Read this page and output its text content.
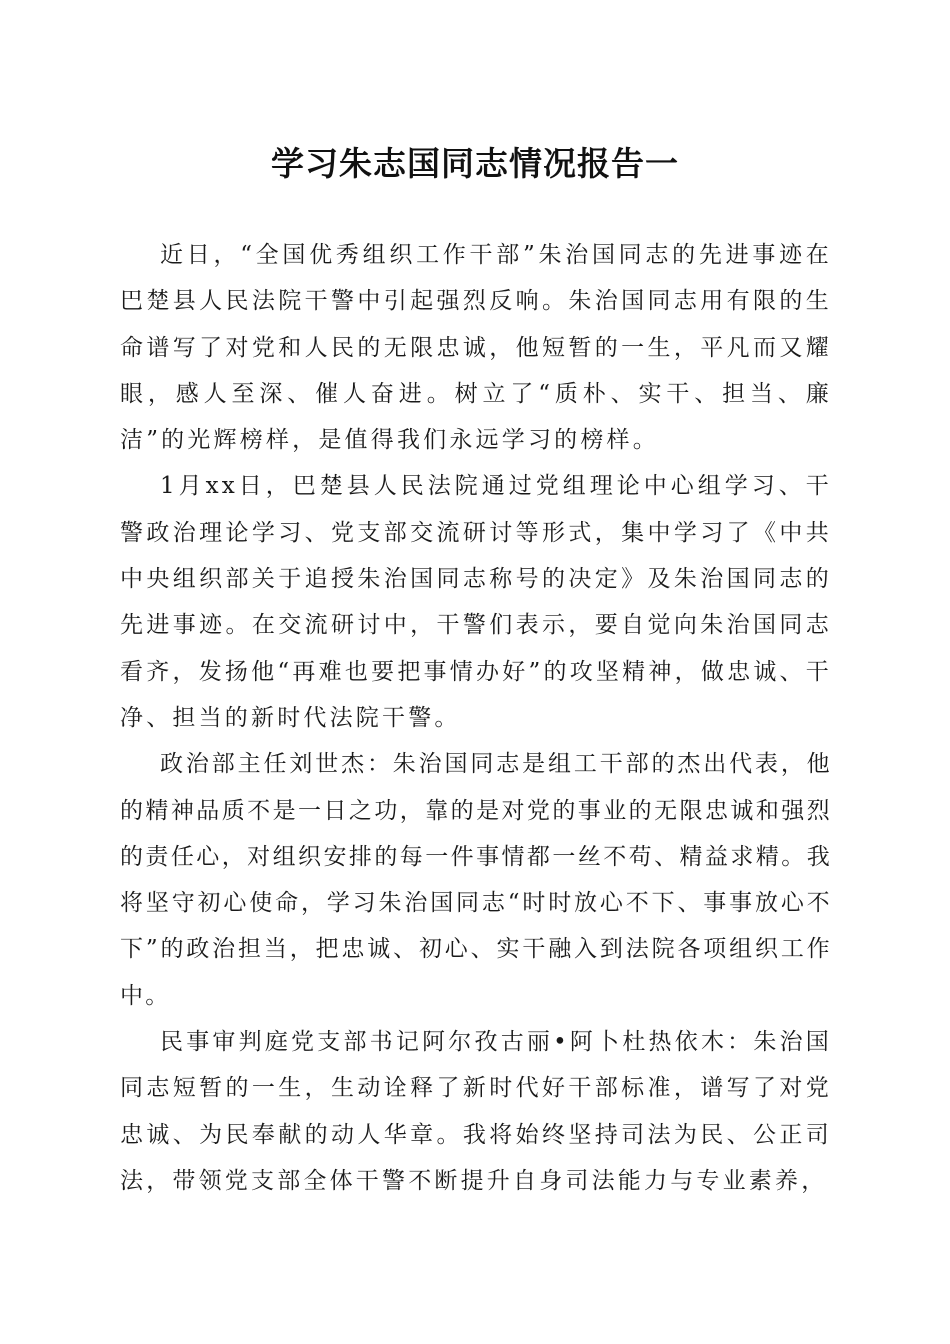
学习朱志国同志情况报告一

近日，“全国优秀组织工作干部”朱治国同志的先进事迹在巴楚县人民法院干警中引起强烈反响。朱治国同志用有限的生命谱写了对党和人民的无限忠诚，他短暂的一生，平凡而又耀眼，感人至深、催人奋进。树立了“质朴、实干、担当、廉洁”的光辉榜样，是值得我们永远学习的榜样。

1月xx日，巴楚县人民法院通过党组理论中心组学习、干警政治理论学习、党支部交流研讨等形式，集中学习了《中共中央组织部关于追授朱治国同志称号的决定》及朱治国同志的先进事迹。在交流研讨中，干警们表示，要自觉向朱治国同志看齐，发扬他“再难也要把事情办好”的攻坚精神，做忠诚、干净、担当的新时代法院干警。

政治部主任刘世杰：朱治国同志是组工干部的杰出代表，他的精神品质不是一日之功，靠的是对党的事业的无限忠诚和强烈的责任心，对组织安排的每一件事情都一丝不苟、精益求精。我将坚守初心使命，学习朱治国同志“时时放心不下、事事放心不下”的政治担当，把忠诚、初心、实干融入到法院各项组织工作中。

民事审判庭党支部书记阿尔孜古丽•阿卜杜热依木：朱治国同志短暂的一生，生动诠释了新时代好干部标准，谱写了对党忠诚、为民奉献的动人华章。我将始终坚持司法为民、公正司法，带领党支部全体干警不断提升自身司法能力与专业素养，
